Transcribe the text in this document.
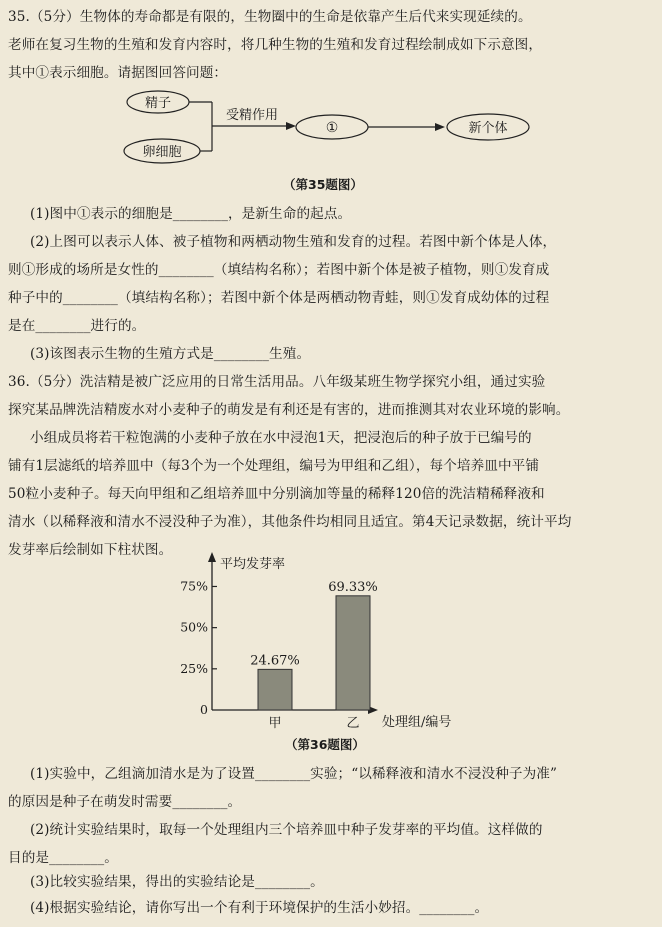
35.（5分）生物体的寿命都是有限的，生物圈中的生命是依靠产生后代来实现延续的。
老师在复习生物的生殖和发育内容时，将几种生物的生殖和发育过程绘制成如下示意图，
其中①表示细胞。请据图回答问题：
精子
卵细胞
受精作用
①	新个体
（第35题图）
(1)图中①表示的细胞是________，是新生命的起点。
(2)上图可以表示人体、被子植物和两栖动物生殖和发育的过程。若图中新个体是人体，
则①形成的场所是女性的________（填结构名称）；若图中新个体是被子植物，则①发育成
种子中的________（填结构名称）；若图中新个体是两栖动物青蛙，则①发育成幼体的过程
是在________进行的。
(3)该图表示生物的生殖方式是________生殖。
36.（5分）洗洁精是被广泛应用的日常生活用品。八年级某班生物学探究小组，通过实验
探究某品牌洗洁精废水对小麦种子的萌发是有利还是有害的，进而推测其对农业环境的影响。
小组成员将若干粒饱满的小麦种子放在水中浸泡1天，把浸泡后的种子放于已编号的
铺有1层滤纸的培养皿中（每3个为一个处理组，编号为甲组和乙组），每个培养皿中平铺
50粒小麦种子。每天向甲组和乙组培养皿中分别滴加等量的稀释120倍的洗洁精稀释液和
清水（以稀释液和清水不浸没种子为准），其他条件均相同且适宜。第4天记录数据，统计平均
发芽率后绘制如下柱状图。
平均发芽率
处理组/编号
0
25%
50%
75%
24.67%
甲
69.33%
乙
（第36题图）
(1)实验中，乙组滴加清水是为了设置________实验；“以稀释液和清水不浸没种子为准”
的原因是种子在萌发时需要________。
(2)统计实验结果时，取每一个处理组内三个培养皿中种子发芽率的平均值。这样做的
目的是________。
(3)比较实验结果，得出的实验结论是________。
(4)根据实验结论，请你写出一个有利于环境保护的生活小妙招。________。
